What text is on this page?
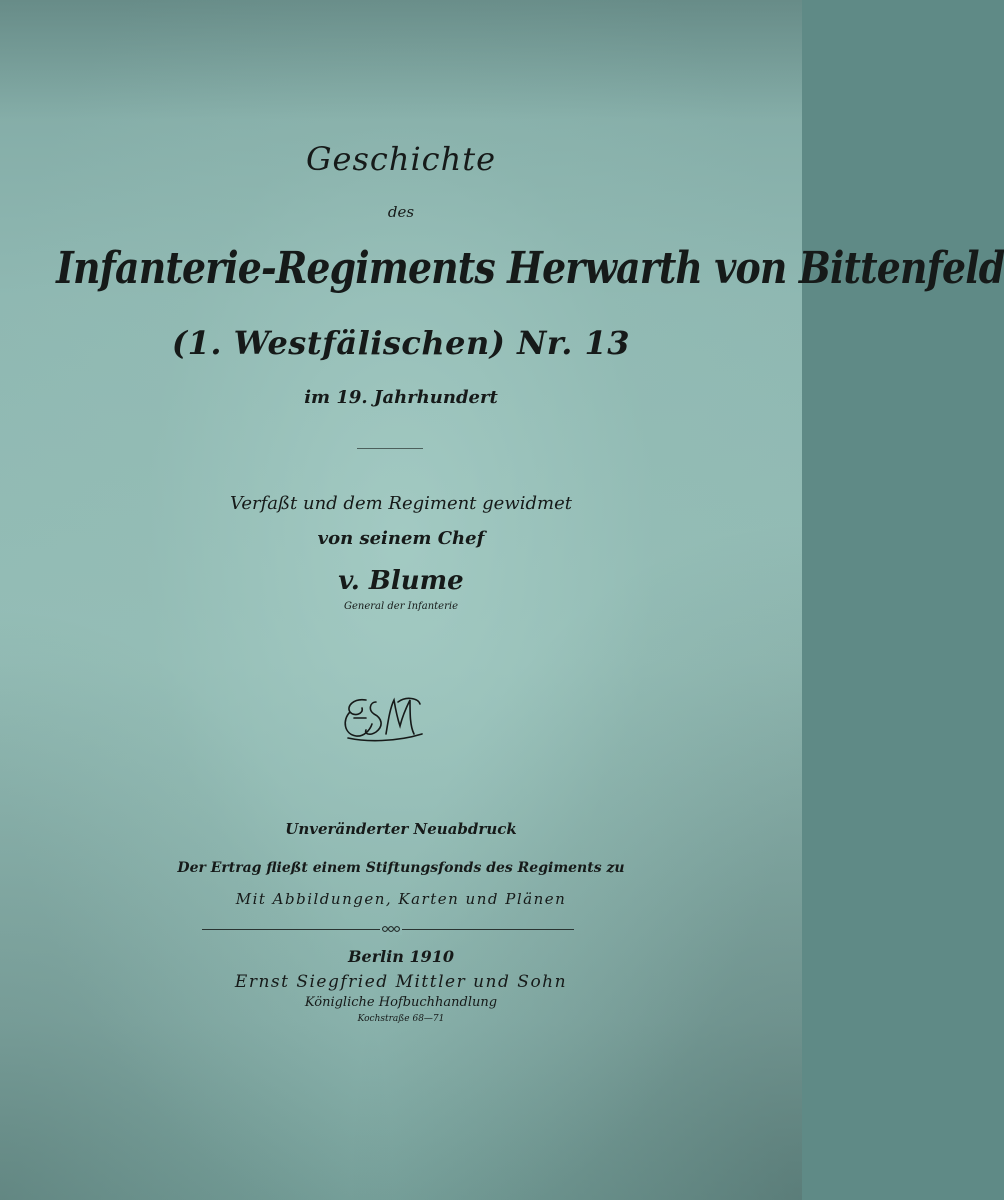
Geschichte
des
Infanterie-Regiments Herwarth von Bittenfeld
(1. Westfälischen) Nr. 13
im 19. Jahrhundert
Verfaßt und dem Regiment gewidmet
von seinem Chef
v. Blume
General der Infanterie
Unveränderter Neuabdruck
Der Ertrag fließt einem Stiftungsfonds des Regiments zu
Mit Abbildungen, Karten und Plänen
Berlin 1910
Ernst Siegfried Mittler und Sohn
Königliche Hofbuchhandlung
Kochstraße 68—71
